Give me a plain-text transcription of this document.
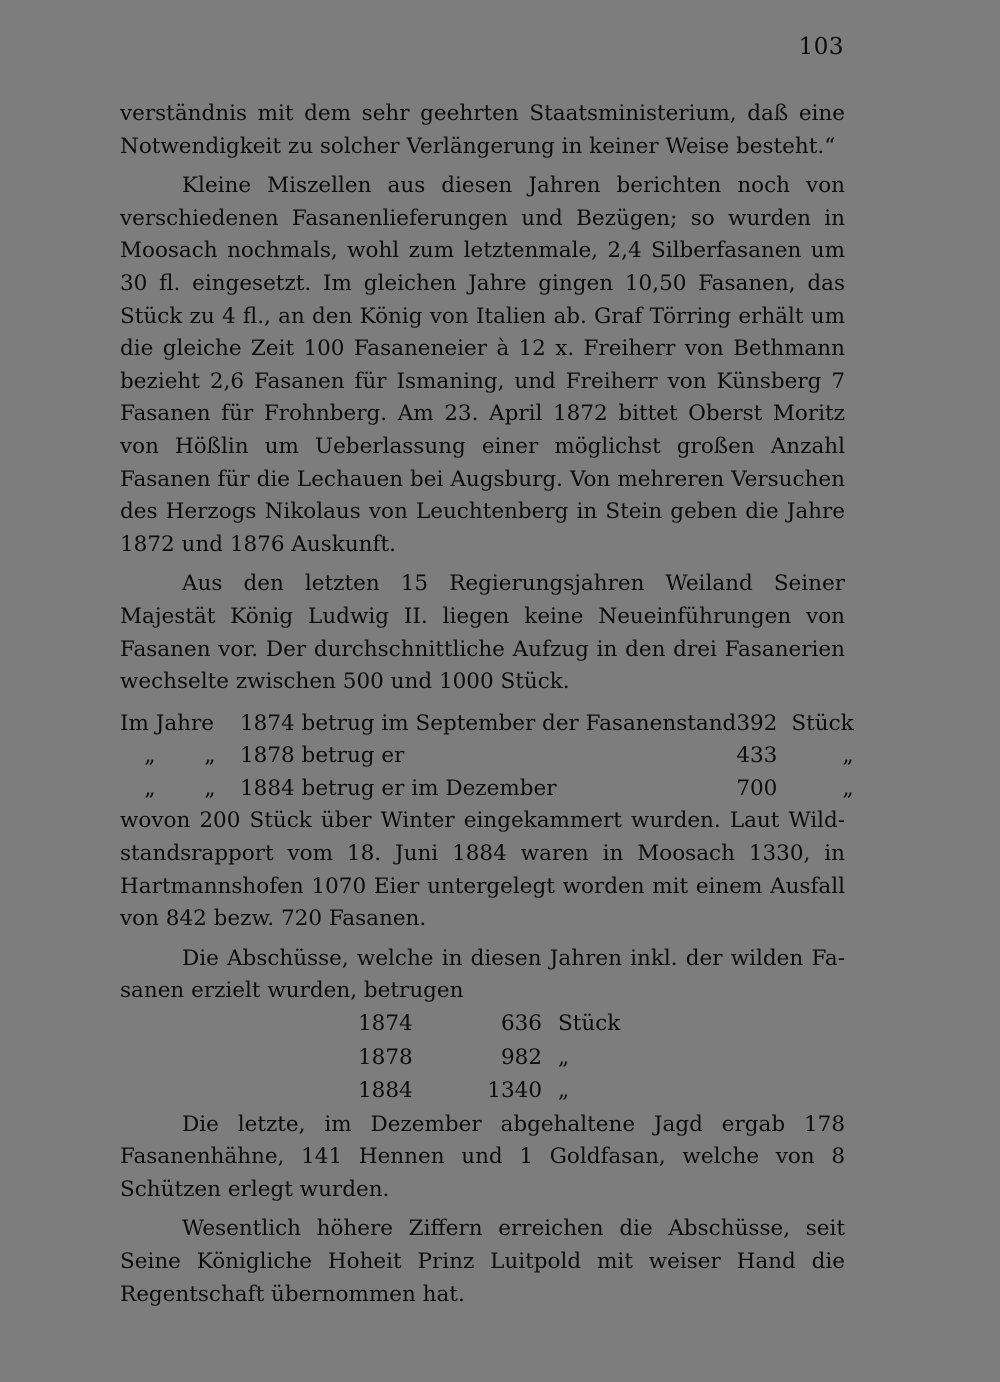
103

verständnis mit dem sehr geehrten Staatsministerium, daß eine Notwendigkeit zu solcher Verlängerung in keiner Weise besteht.“

Kleine Miszellen aus diesen Jahren berichten noch von verschiedenen Fasanenlieferungen und Bezügen; so wurden in Moosach nochmals, wohl zum letztenmale, 2,4 Silberfasanen um 30 fl. eingesetzt. Im gleichen Jahre gingen 10,50 Fasanen, das Stück zu 4 fl., an den König von Italien ab. Graf Törring erhält um die gleiche Zeit 100 Fasaneneier à 12 x. Freiherr von Bethmann bezieht 2,6 Fasanen für Ismaning, und Freiherr von Künsberg 7 Fasanen für Frohnberg. Am 23. April 1872 bittet Oberst Moritz von Hößlin um Ueberlassung einer möglichst großen Anzahl Fasanen für die Lechauen bei Augsburg. Von mehreren Versuchen des Herzogs Nikolaus von Leuchtenberg in Stein geben die Jahre 1872 und 1876 Auskunft.

Aus den letzten 15 Regierungsjahren Weiland Seiner Majestät König Ludwig II. liegen keine Neueinführungen von Fasanen vor. Der durchschnittliche Aufzug in den drei Fasanerien wechselte zwischen 500 und 1000 Stück.

Im Jahre	1874 betrug im September der Fasanenstand	392	Stück
„ „	1878 betrug er	433	„
„ „	1884 betrug er im Dezember	700	„

wovon 200 Stück über Winter eingekammert wurden. Laut Wildstandsrapport vom 18. Juni 1884 waren in Moosach 1330, in Hartmannshofen 1070 Eier untergelegt worden mit einem Ausfall von 842 bezw. 720 Fasanen.

Die Abschüsse, welche in diesen Jahren inkl. der wilden Fasanen erzielt wurden, betrugen

1874	636	Stück
1878	982	„
1884	1340	„

Die letzte, im Dezember abgehaltene Jagd ergab 178 Fasanenhähne, 141 Hennen und 1 Goldfasan, welche von 8 Schützen erlegt wurden.

Wesentlich höhere Ziffern erreichen die Abschüsse, seit Seine Königliche Hoheit Prinz Luitpold mit weiser Hand die Regentschaft übernommen hat.
